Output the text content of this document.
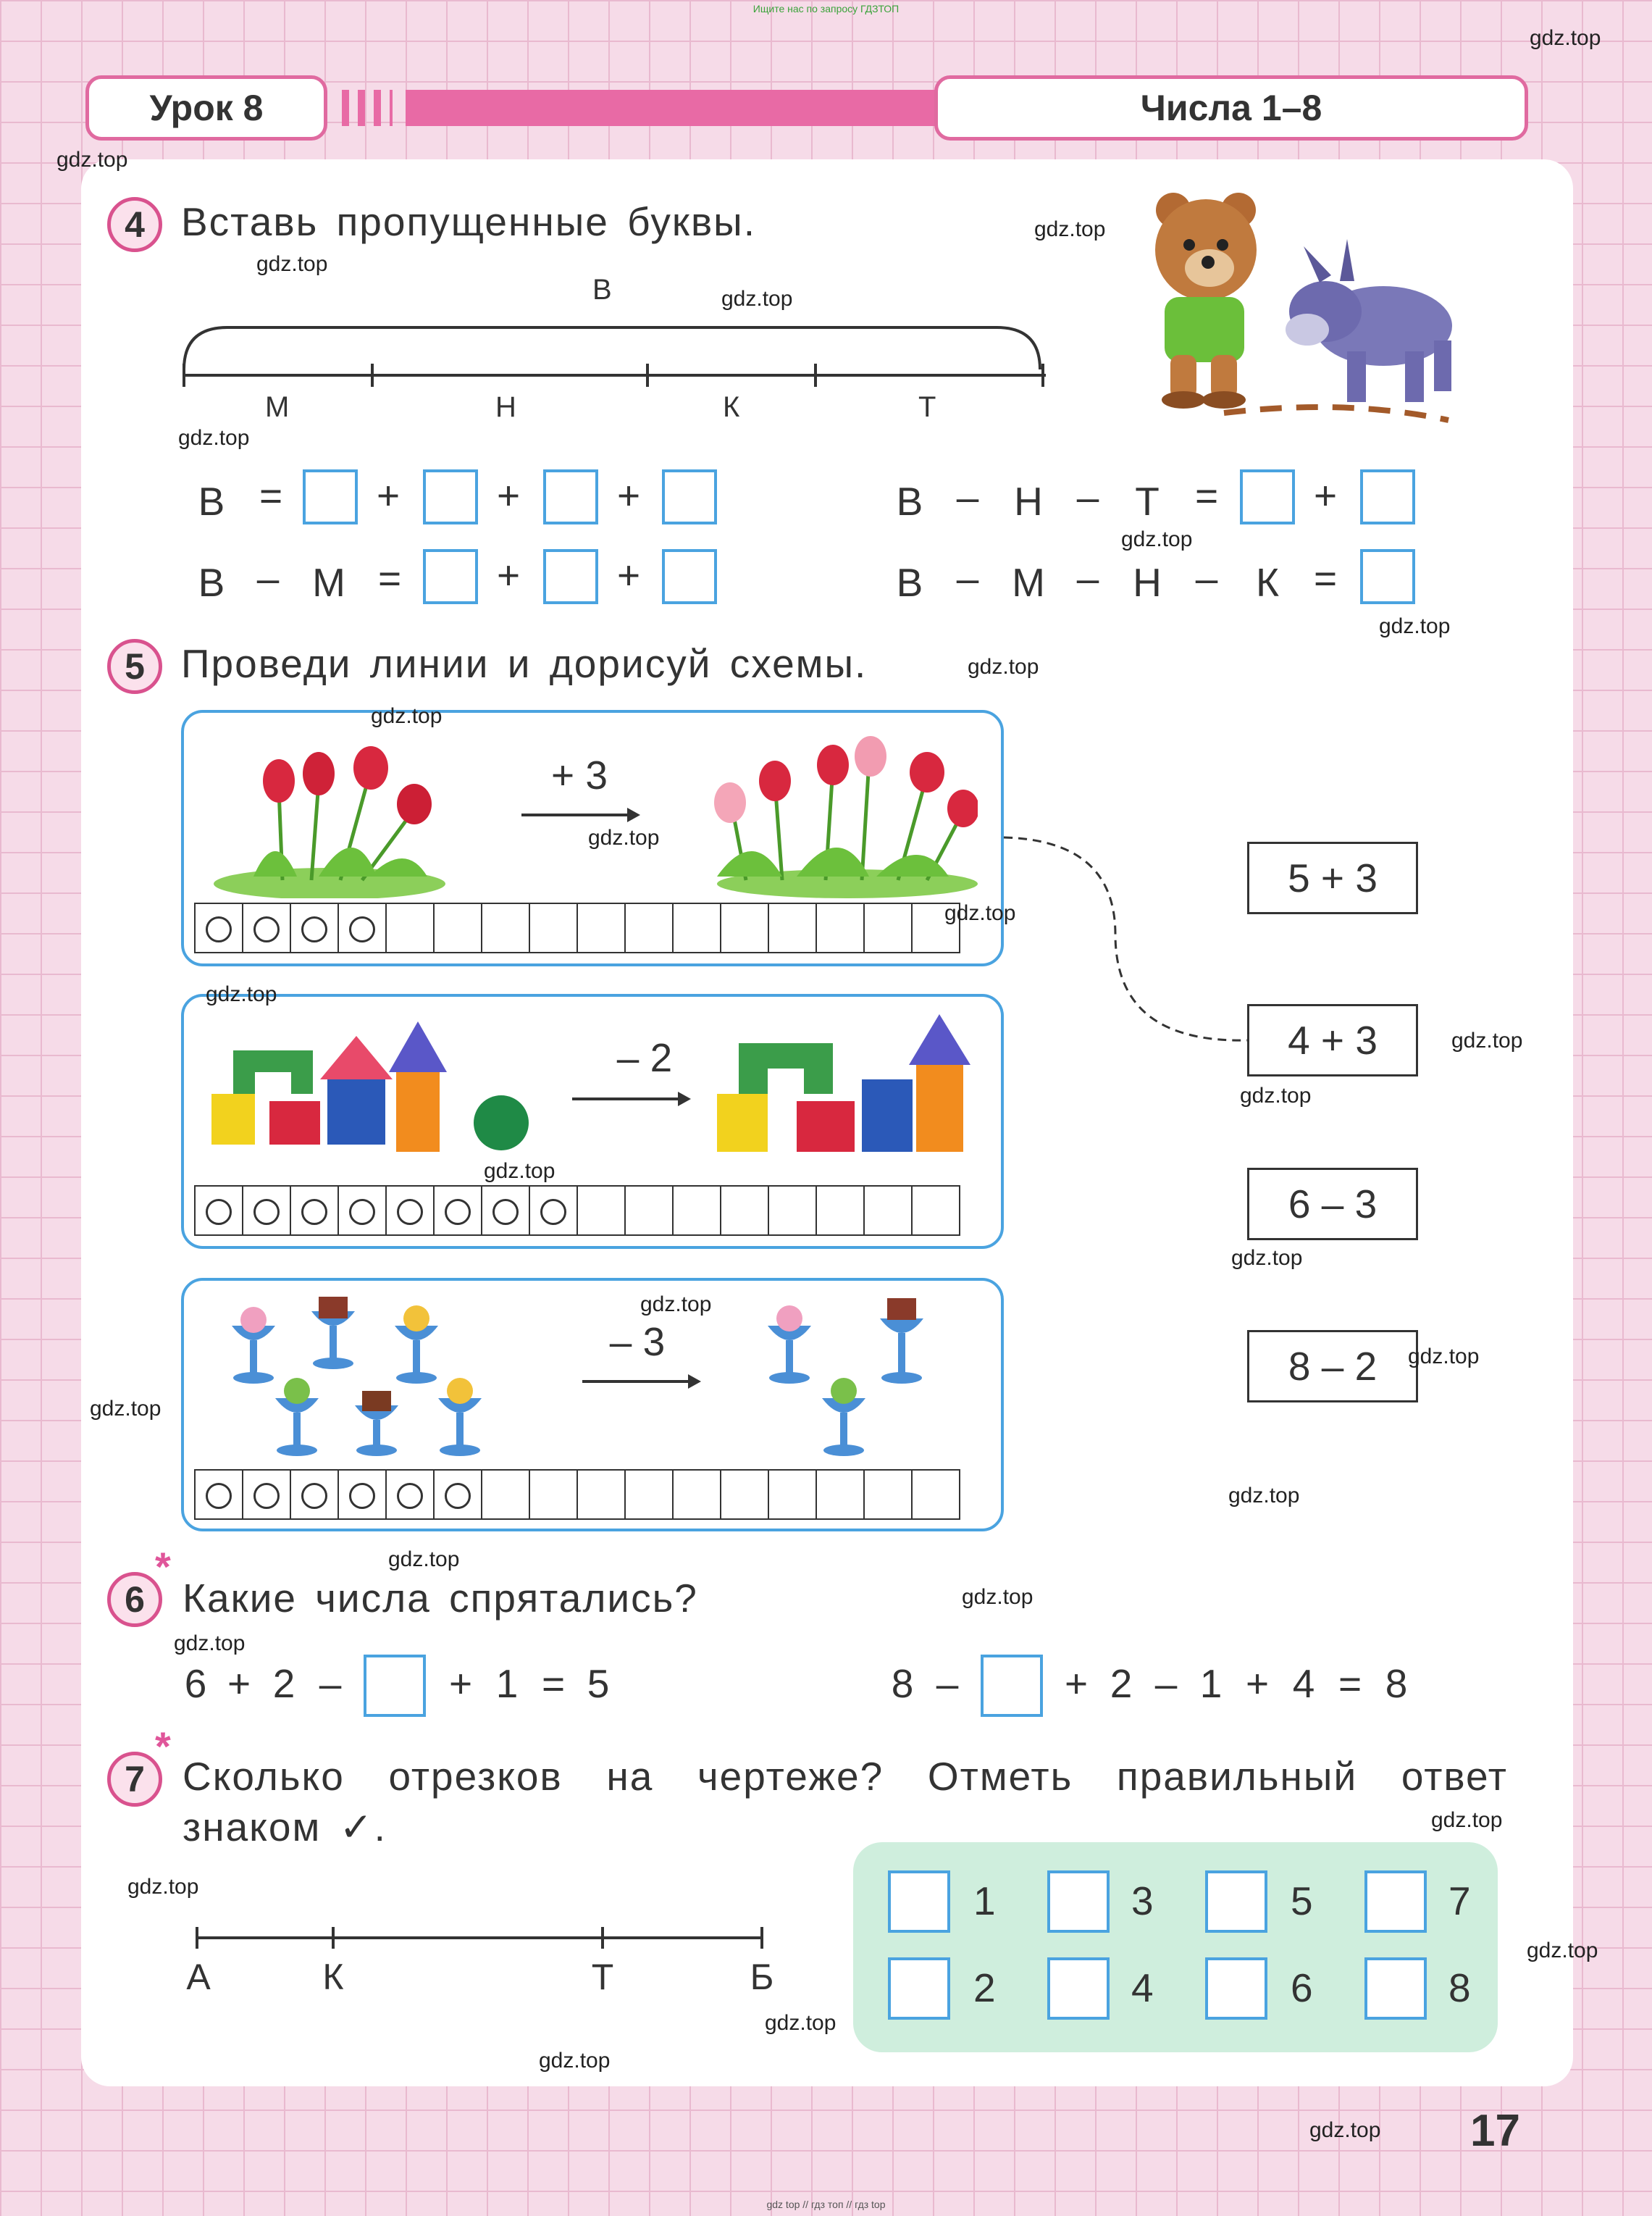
Ищите нас по запросу ГДЗТОП
Урок 8	Числа 1–8
4 Вставь пропущенные буквы.
В
М	Н	К	Т
В = + + +
В – М = + +
В – Н – Т = +
В – М – Н – К =
5 Проведи линии и дорисуй схемы.
+ 3
– 2
– 3
5 + 3
4 + 3
6 – 3
8 – 2
*
6 Какие числа спрятались?
6 + 2 –	+ 1 = 5	8 –	+ 2 – 1 + 4 = 8
*
7 Сколько отрезков на чертеже? Отметь правильный ответ
знаком ✓.
А	К	Т	Б
1	3	5	7
2	4	6	8
17
gdz.top
gdz.top
gdz.top
gdz.top
gdz.top
gdz.top
gdz.top
gdz.top
gdz.top
gdz.top
gdz.top
gdz.top
gdz.top
gdz.top
gdz.top
gdz.top
gdz.top
gdz.top
gdz.top
gdz.top
gdz.top
gdz.top
gdz.top
gdz.top
gdz.top
gdz.top
gdz.top
gdz.top
gdz.top
gdz.top
gdz top // гдз топ // гдз top
